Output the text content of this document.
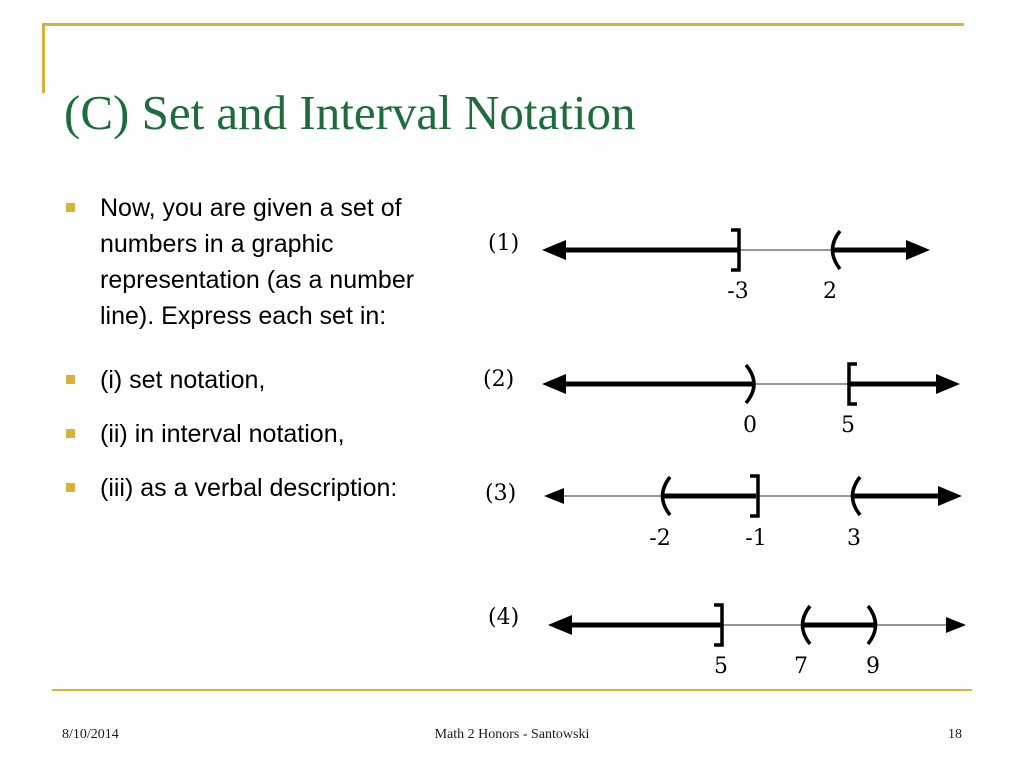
(C) Set and Interval Notation
Now, you are given a set of numbers in a graphic representation (as a number line). Express each set in:
(i) set notation,
(ii) in interval notation,
(iii) as a verbal description:
(1)
-3	2
(2)
0	5
(3)
-2	-1	3
(4)
5	7	9
8/10/2014	Math 2 Honors - Santowski	18
